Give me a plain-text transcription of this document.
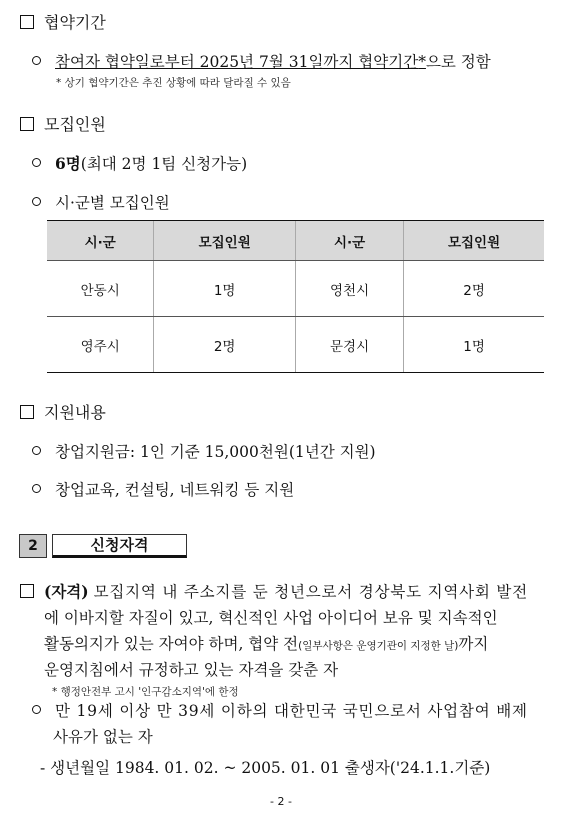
협약기간
참여자 협약일로부터 2025년 7월 31일까지 협약기간*으로 정함
* 상기 협약기간은 추진 상황에 따라 달라질 수 있음
모집인원
6명(최대 2명 1팀 신청가능)
시·군별 모집인원
시·군	모집인원	시·군	모집인원
안동시	1명	영천시	2명
영주시	2명	문경시	1명
지원내용
창업지원금: 1인 기준 15,000천원(1년간 지원)
창업교육, 컨설팅, 네트워킹 등 지원
2	신청자격
(자격) 모집지역 내 주소지를 둔 청년으로서 경상북도 지역사회 발전
에 이바지할 자질이 있고, 혁신적인 사업 아이디어 보유 및 지속적인
활동의지가 있는 자여야 하며, 협약 전(일부사항은 운영기관이 지정한 날)까지
운영지침에서 규정하고 있는 자격을 갖춘 자
* 행정안전부 고시 '인구감소지역'에 한정
만 19세 이상 만 39세 이하의 대한민국 국민으로서 사업참여 배제
사유가 없는 자
- 생년월일 1984. 01. 02. ~ 2005. 01. 01 출생자('24.1.1.기준)
- 2 -
